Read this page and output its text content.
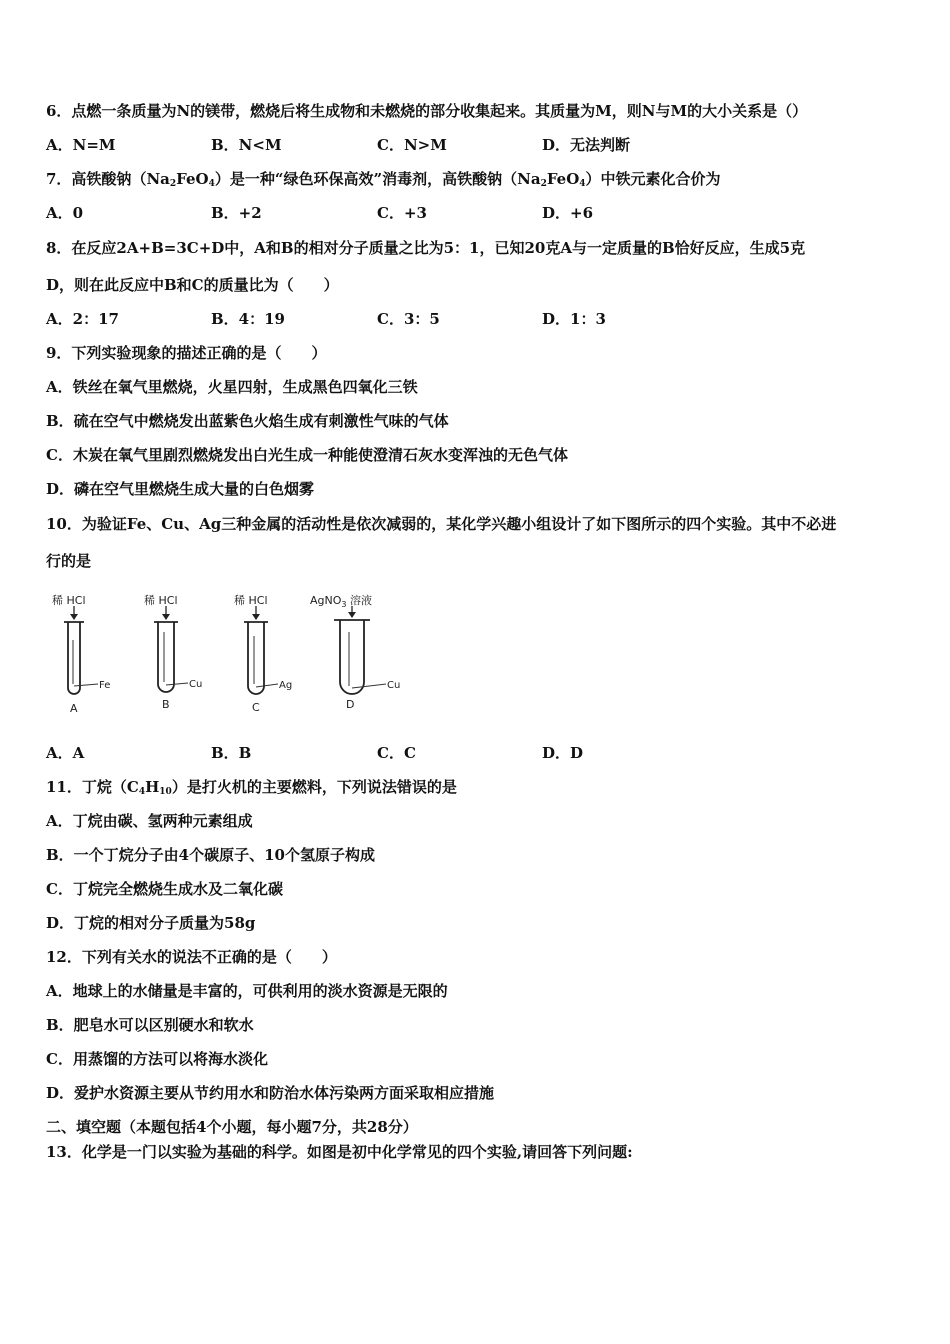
6．点燃一条质量为N的镁带，燃烧后将生成物和未燃烧的部分收集起来。其质量为M，则N与M的大小关系是（）
A．N=M	B．N<M	C．N>M	D．无法判断
7．高铁酸钠$(Na_2FeO_4)$是一种“绿色环保高效”消毒剂，高铁酸钠$(Na_2FeO_4)$中铁元素化合价为
A．0	B．+2	C．+3	D．+6
8．在反应2A+B=3C+D中，A和B的相对分子质量之比为5：1，已知20克A与一定质量的B恰好反应，生成5克
D，则在此反应中B和C的质量比为（　　）
A．2：17	B．4：19	C．3：5	D．1：3
9．下列实验现象的描述正确的是（　　）
A．铁丝在氧气里燃烧，火星四射，生成黑色四氧化三铁
B．硫在空气中燃烧发出蓝紫色火焰生成有刺激性气味的气体
C．木炭在氧气里剧烈燃烧发出白光生成一种能使澄清石灰水变浑浊的无色气体
D．磷在空气里燃烧生成大量的白色烟雾
10．为验证Fe、Cu、Ag三种金属的活动性是依次减弱的，某化学兴趣小组设计了如下图所示的四个实验。其中不必进
行的是
稀 HCl
Fe
A
稀 HCl
Cu
B
稀 HCl
Ag
C
AgNO$_3$ 溶液
Cu
D
A．A	B．B	C．C	D．D
11．丁烷$(C_4H_{10})$是打火机的主要燃料，下列说法错误的是
A．丁烷由碳、氢两种元素组成
B．一个丁烷分子由4个碳原子、10个氢原子构成
C．丁烷完全燃烧生成水及二氧化碳
D．丁烷的相对分子质量为58g
12．下列有关水的说法不正确的是（　　）
A．地球上的水储量是丰富的，可供利用的淡水资源是无限的
B．肥皂水可以区别硬水和软水
C．用蒸馏的方法可以将海水淡化
D．爱护水资源主要从节约用水和防治水体污染两方面采取相应措施
二、填空题（本题包括4个小题，每小题7分，共28分）
13．化学是一门以实验为基础的科学。如图是初中化学常见的四个实验,请回答下列问题:
